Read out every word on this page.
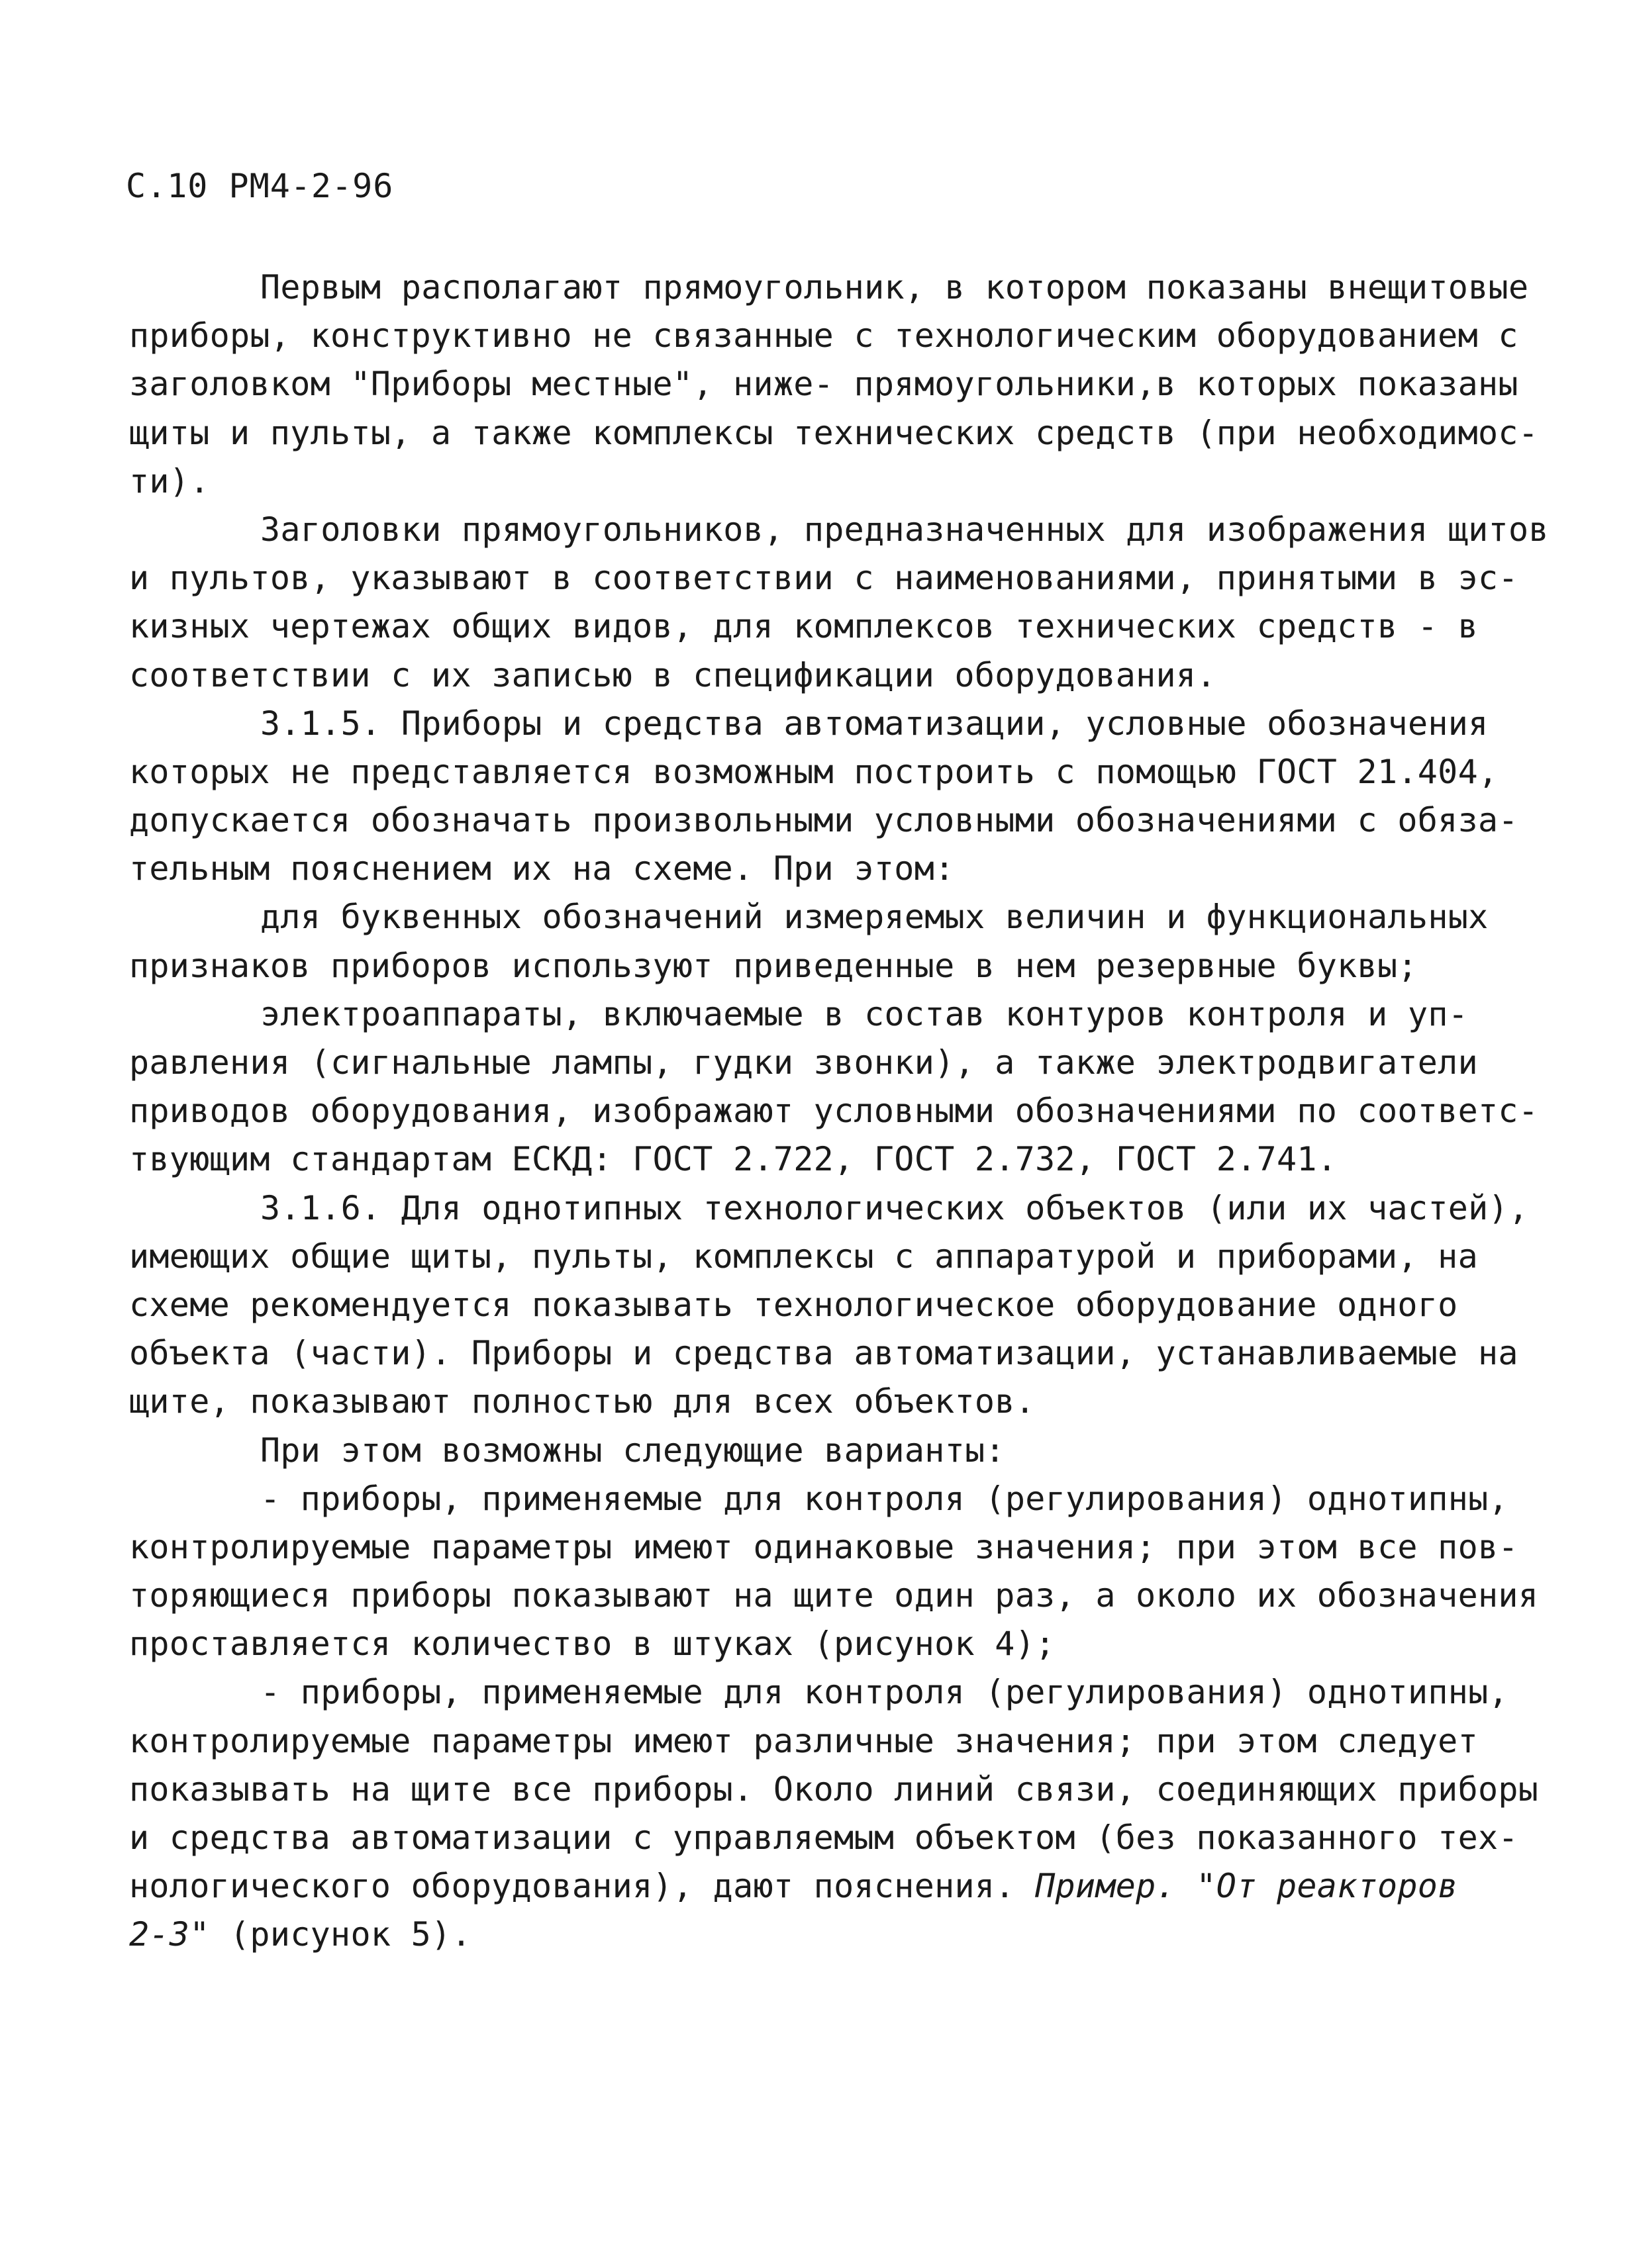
С.10 РМ4-2-96
Первым располагают прямоугольник, в котором показаны внещитовые
приборы, конструктивно не связанные с технологическим оборудованием с
заголовком "Приборы местные", ниже- прямоугольники,в которых показаны
щиты и пульты, а также комплексы технических средств (при необходимос-
ти).
Заголовки прямоугольников, предназначенных для изображения щитов
и пультов, указывают в соответствии с наименованиями, принятыми в эс-
кизных чертежах общих видов, для комплексов технических средств - в
соответствии с их записью в спецификации оборудования.
3.1.5. Приборы и средства автоматизации, условные обозначения
которых не представляется возможным построить с помощью ГОСТ 21.404,
допускается обозначать произвольными условными обозначениями с обяза-
тельным пояснением их на схеме. При этом:
для буквенных обозначений измеряемых величин и функциональных
признаков приборов используют приведенные в нем резервные буквы;
электроаппараты, включаемые в состав контуров контроля и уп-
равления (сигнальные лампы, гудки звонки), а также электродвигатели
приводов оборудования, изображают условными обозначениями по соответс-
твующим стандартам ЕСКД: ГОСТ 2.722, ГОСТ 2.732, ГОСТ 2.741.
3.1.6. Для однотипных технологических объектов (или их частей),
имеющих общие щиты, пульты, комплексы с аппаратурой и приборами, на
схеме рекомендуется показывать технологическое оборудование одного
объекта (части). Приборы и средства автоматизации, устанавливаемые на
щите, показывают полностью для всех объектов.
При этом возможны следующие варианты:
- приборы, применяемые для контроля (регулирования) однотипны,
контролируемые параметры имеют одинаковые значения; при этом все пов-
торяющиеся приборы показывают на щите один раз, а около их обозначения
проставляется количество в штуках (рисунок 4);
- приборы, применяемые для контроля (регулирования) однотипны,
контролируемые параметры имеют различные значения; при этом следует
показывать на щите все приборы. Около линий связи, соединяющих приборы
и средства автоматизации с управляемым объектом (без показанного тех-
нологического оборудования), дают пояснения. Пример. "От реакторов
2-3" (рисунок 5).
